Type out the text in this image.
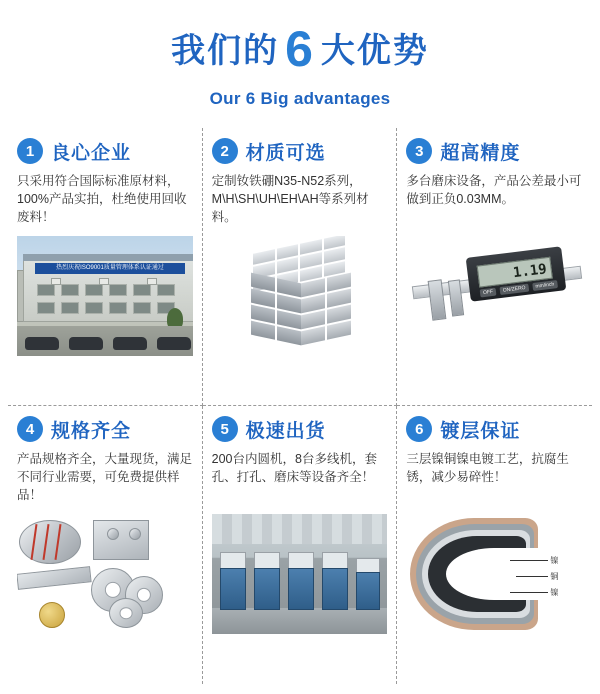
我们的 6 大优势
Our 6 Big advantages
1 良心企业
只采用符合国际标准原材料，100%产品实拍，杜绝使用回收废料！
热烈庆祝ISO9001质量管理体系认证通过
2 材质可选
定制钕铁硼N35-N52系列，M\H\SH\UH\EH\AH等系列材料。
3 超高精度
多台磨床设备，产品公差最小可做到正负0.03MM。
1.19
OFF	ON/ZERO	mm/inch
4 规格齐全
产品规格齐全，大量现货，满足不同行业需要，可免费提供样品！
5 极速出货
200台内圆机，8台多线机，套孔、打孔、磨床等设备齐全！
6 镀层保证
三层镍铜镍电镀工艺，抗腐生锈，减少易碎性！
镍
铜
镍
